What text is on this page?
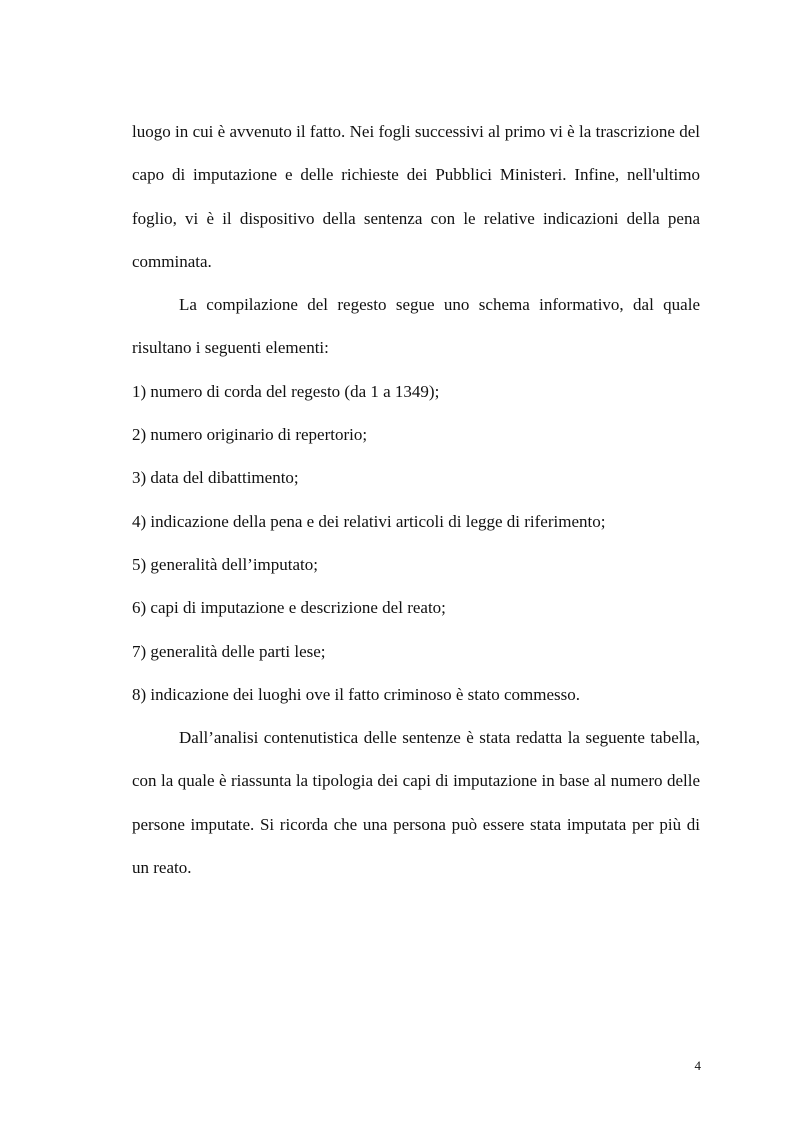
luogo in cui è avvenuto il fatto. Nei fogli successivi al primo vi è la trascrizione del capo di imputazione e delle richieste dei Pubblici Ministeri. Infine, nell'ultimo foglio, vi è il dispositivo della sentenza con le relative indicazioni della pena comminata.

La compilazione del regesto segue uno schema informativo, dal quale risultano i seguenti elementi:

1) numero di corda del regesto (da 1 a 1349);
2) numero originario di repertorio;
3) data del dibattimento;
4) indicazione della pena e dei relativi articoli di legge di riferimento;
5) generalità dell’imputato;
6) capi di imputazione e descrizione del reato;
7) generalità delle parti lese;
8) indicazione dei luoghi ove il fatto criminoso è stato commesso.

Dall’analisi contenutistica delle sentenze è stata redatta la seguente tabella, con la quale è riassunta la tipologia dei capi di imputazione in base al numero delle persone imputate. Si ricorda che una persona può essere stata imputata per più di un reato.

4
